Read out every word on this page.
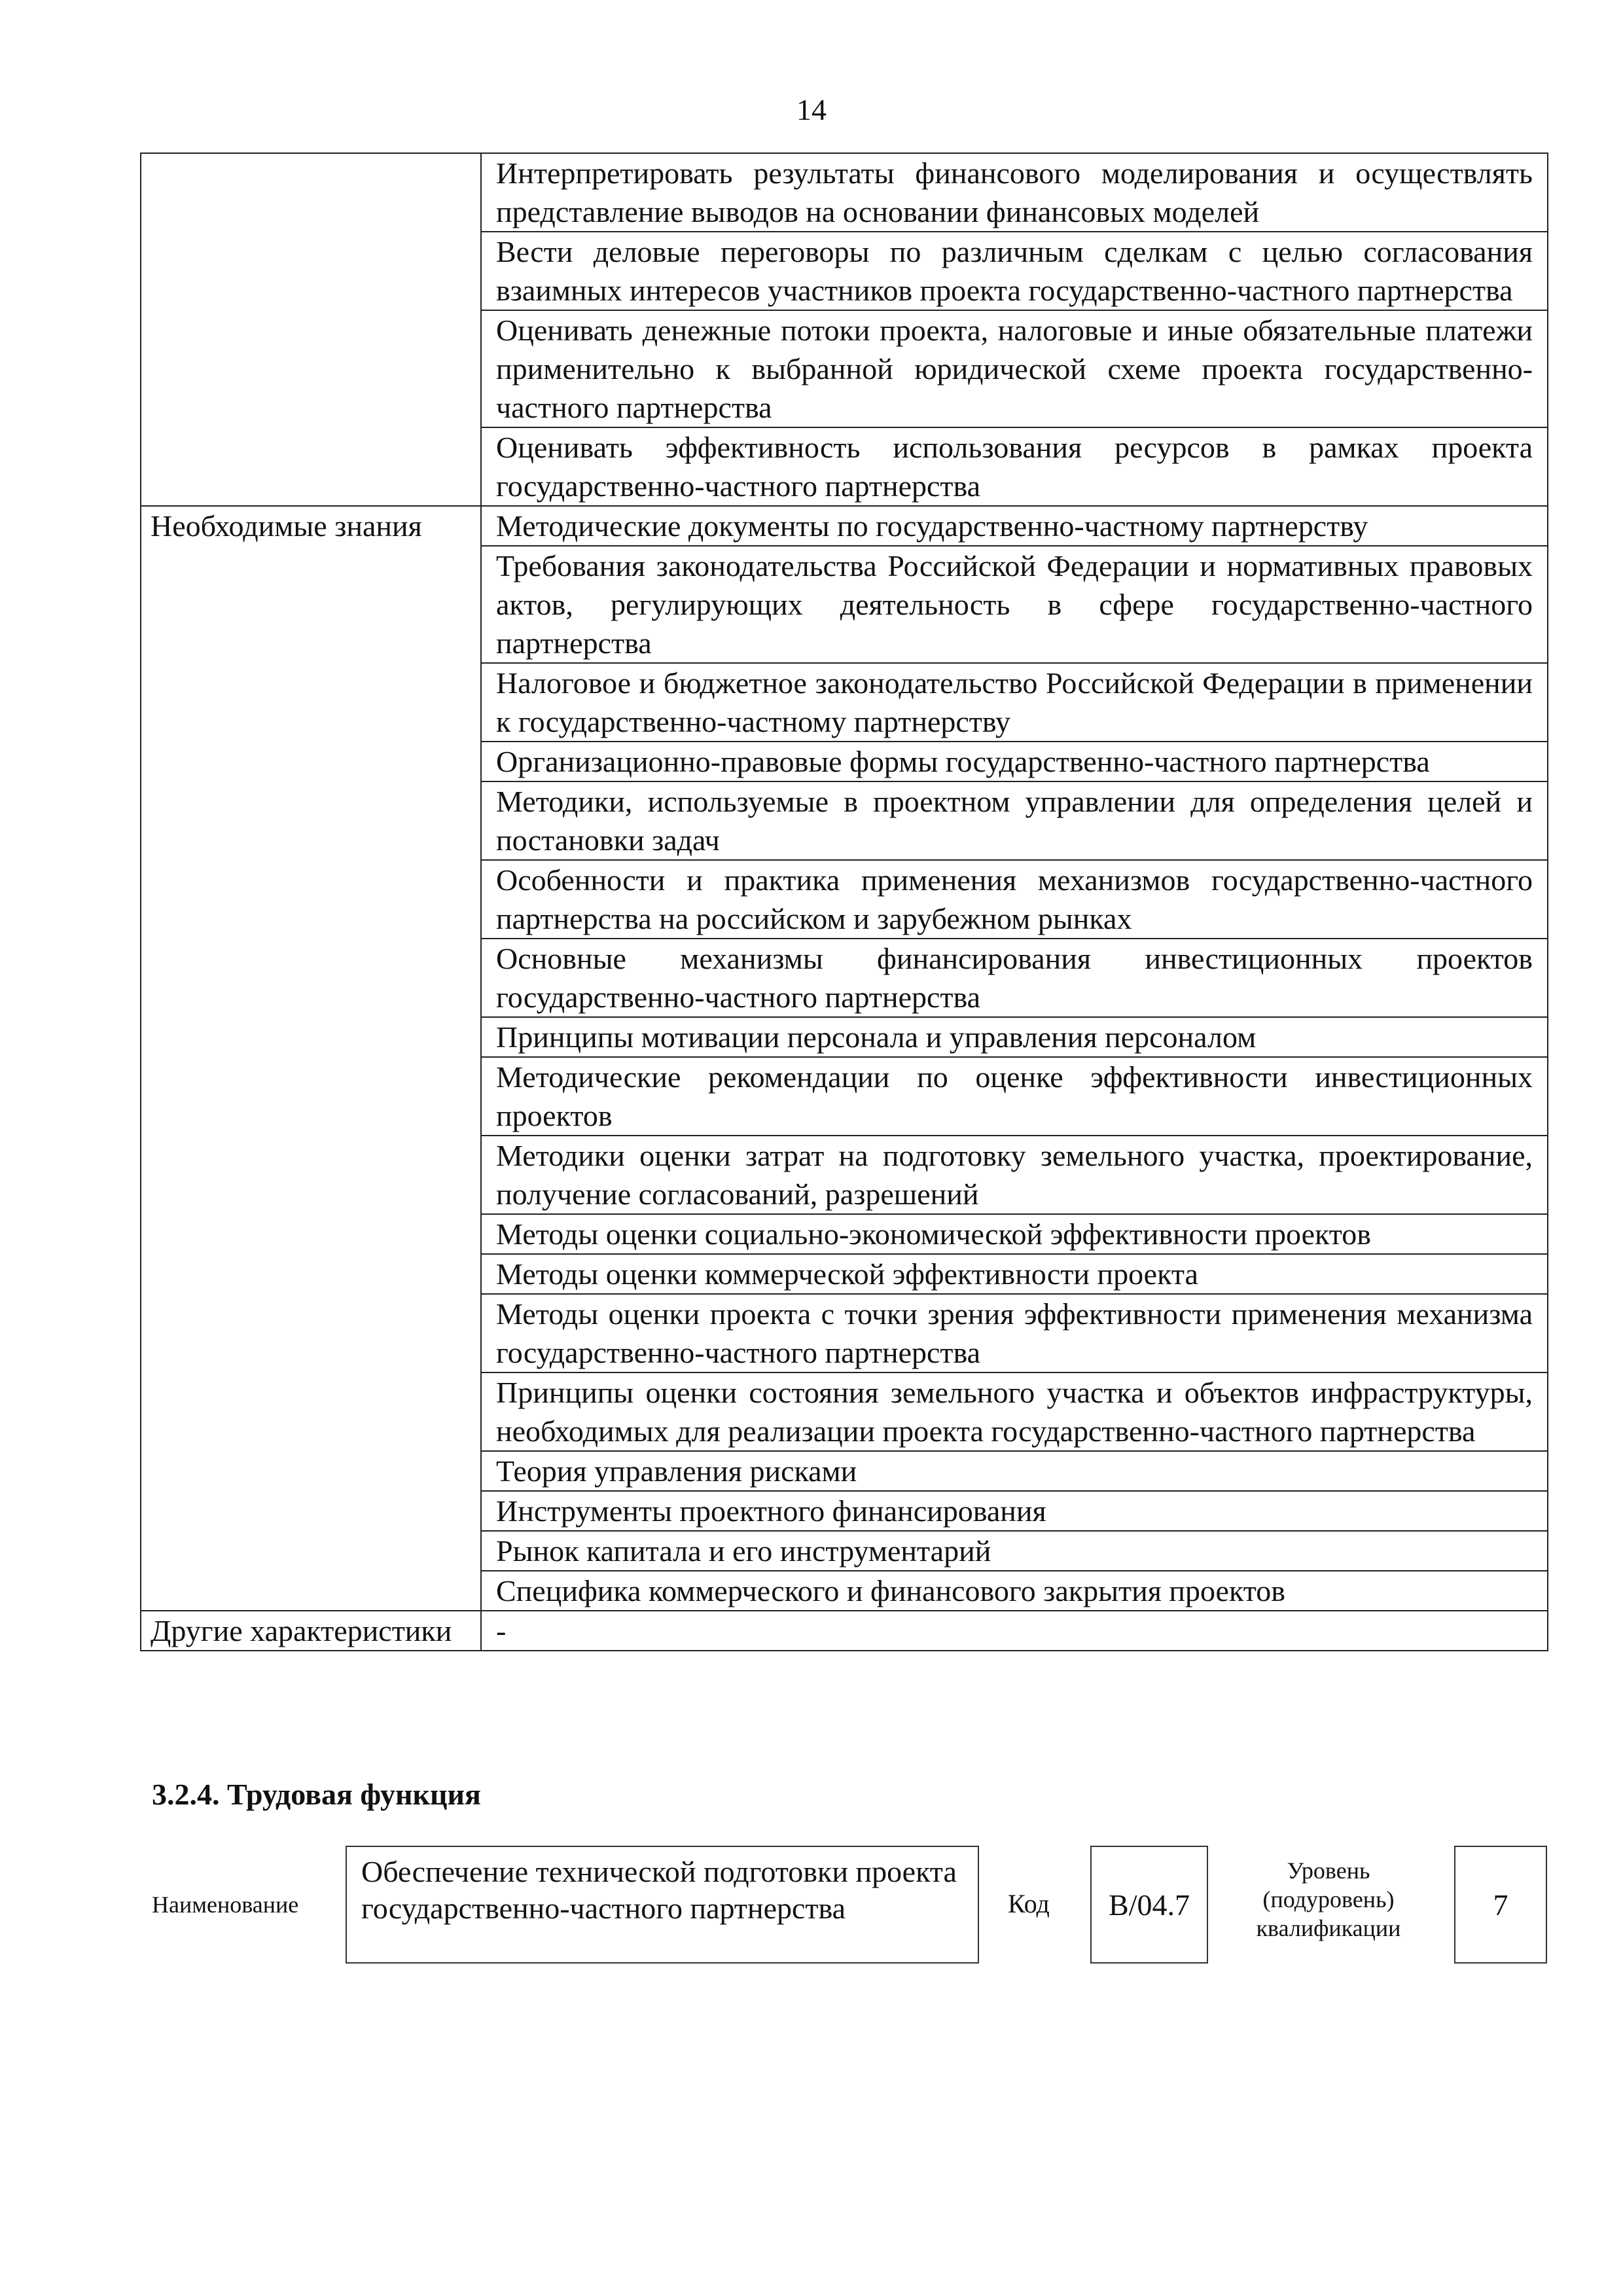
14
	Интерпретировать результаты финансового моделирования и осуществлять представление выводов на основании финансовых моделей
	Вести деловые переговоры по различным сделкам с целью согласования взаимных интересов участников проекта государственно-частного партнерства
	Оценивать денежные потоки проекта, налоговые и иные обязательные платежи применительно к выбранной юридической схеме проекта государственно-частного партнерства
	Оценивать эффективность использования ресурсов в рамках проекта государственно-частного партнерства
Необходимые знания	Методические документы по государственно-частному партнерству
	Требования законодательства Российской Федерации и нормативных правовых актов, регулирующих деятельность в сфере государственно-частного партнерства
	Налоговое и бюджетное законодательство Российской Федерации в применении к государственно-частному партнерству
	Организационно-правовые формы государственно-частного партнерства
	Методики, используемые в проектном управлении для определения целей и постановки задач
	Особенности и практика применения механизмов государственно-частного партнерства на российском и зарубежном рынках
	Основные механизмы финансирования инвестиционных проектов государственно-частного партнерства
	Принципы мотивации персонала и управления персоналом
	Методические рекомендации по оценке эффективности инвестиционных проектов
	Методики оценки затрат на подготовку земельного участка, проектирование, получение согласований, разрешений
	Методы оценки социально-экономической эффективности проектов
	Методы оценки коммерческой эффективности проекта
	Методы оценки проекта с точки зрения эффективности применения механизма государственно-частного партнерства
	Принципы оценки состояния земельного участка и объектов инфраструктуры, необходимых для реализации проекта государственно-частного партнерства
	Теория управления рисками
	Инструменты проектного финансирования
	Рынок капитала и его инструментарий
	Специфика коммерческого и финансового закрытия проектов
Другие характеристики	-
3.2.4. Трудовая функция
Наименование
Обеспечение технической подготовки проекта государственно-частного партнерства	Код	B/04.7
Уровень
(подуровень)
квалификации
7
